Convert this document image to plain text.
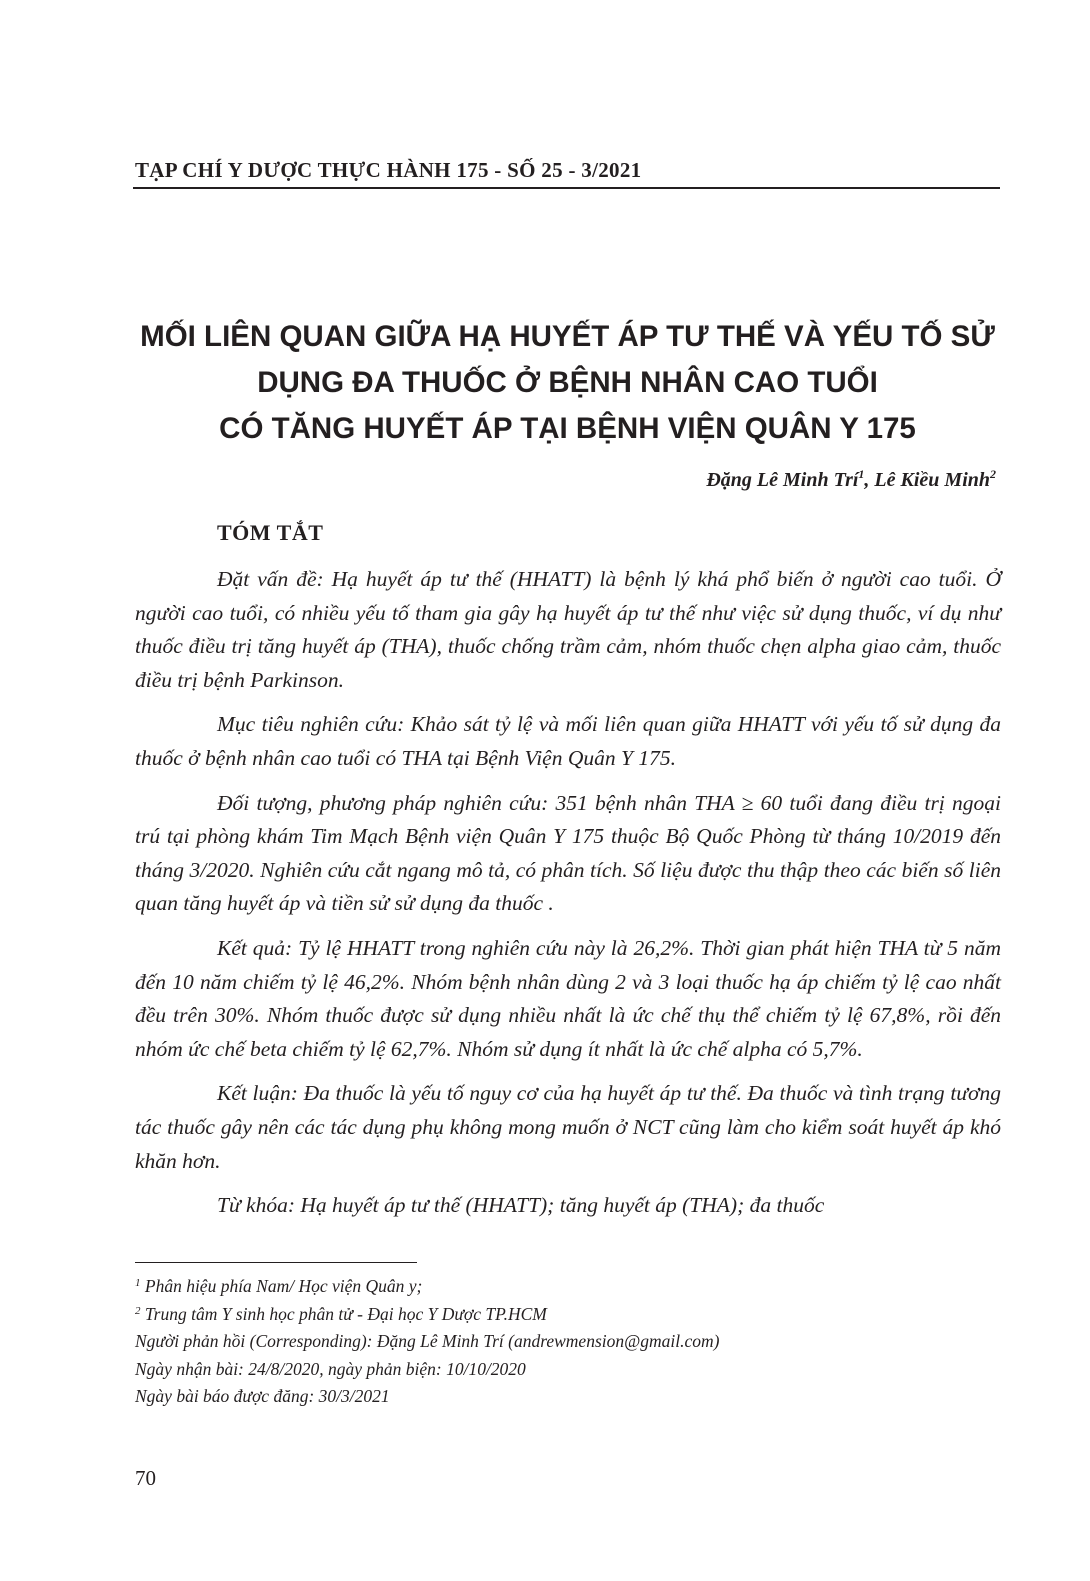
TẠP CHÍ Y DƯỢC THỰC HÀNH 175 - SỐ 25 - 3/2021
MỐI LIÊN QUAN GIỮA HẠ HUYẾT ÁP TƯ THẾ VÀ YẾU TỐ SỬ
DỤNG ĐA THUỐC Ở BỆNH NHÂN CAO TUỔI
CÓ TĂNG HUYẾT ÁP TẠI BỆNH VIỆN QUÂN Y 175
Đặng Lê Minh Trí$^1$, Lê Kiều Minh$^2$
TÓM TẮT

Đặt vấn đề: Hạ huyết áp tư thế (HHATT) là bệnh lý khá phổ biến ở người cao tuổi. Ở người cao tuổi, có nhiều yếu tố tham gia gây hạ huyết áp tư thế như việc sử dụng thuốc, ví dụ như thuốc điều trị tăng huyết áp (THA), thuốc chống trầm cảm, nhóm thuốc chẹn alpha giao cảm, thuốc điều trị bệnh Parkinson.

Mục tiêu nghiên cứu: Khảo sát tỷ lệ và mối liên quan giữa HHATT với yếu tố sử dụng đa thuốc ở bệnh nhân cao tuổi có THA tại Bệnh Viện Quân Y 175.

Đối tượng, phương pháp nghiên cứu: 351 bệnh nhân THA ≥ 60 tuổi đang điều trị ngoại trú tại phòng khám Tim Mạch Bệnh viện Quân Y 175 thuộc Bộ Quốc Phòng từ tháng 10/2019 đến tháng 3/2020. Nghiên cứu cắt ngang mô tả, có phân tích. Số liệu được thu thập theo các biến số liên quan tăng huyết áp và tiền sử sử dụng đa thuốc .

Kết quả: Tỷ lệ HHATT trong nghiên cứu này là 26,2%. Thời gian phát hiện THA từ 5 năm đến 10 năm chiếm tỷ lệ 46,2%. Nhóm bệnh nhân dùng 2 và 3 loại thuốc hạ áp chiếm tỷ lệ cao nhất đều trên 30%. Nhóm thuốc được sử dụng nhiều nhất là ức chế thụ thể chiếm tỷ lệ 67,8%, rồi đến nhóm ức chế beta chiếm tỷ lệ 62,7%. Nhóm sử dụng ít nhất là ức chế alpha có 5,7%.

Kết luận: Đa thuốc là yếu tố nguy cơ của hạ huyết áp tư thế. Đa thuốc và tình trạng tương tác thuốc gây nên các tác dụng phụ không mong muốn ở NCT cũng làm cho kiểm soát huyết áp khó khăn hơn.

Từ khóa: Hạ huyết áp tư thế (HHATT); tăng huyết áp (THA); đa thuốc

$^1$ Phân hiệu phía Nam/ Học viện Quân y;
$^2$ Trung tâm Y sinh học phân tử - Đại học Y Dược TP.HCM
Người phản hồi (Corresponding): Đặng Lê Minh Trí (andrewmension@gmail.com)
Ngày nhận bài: 24/8/2020, ngày phản biện: 10/10/2020
Ngày bài báo được đăng: 30/3/2021
70
